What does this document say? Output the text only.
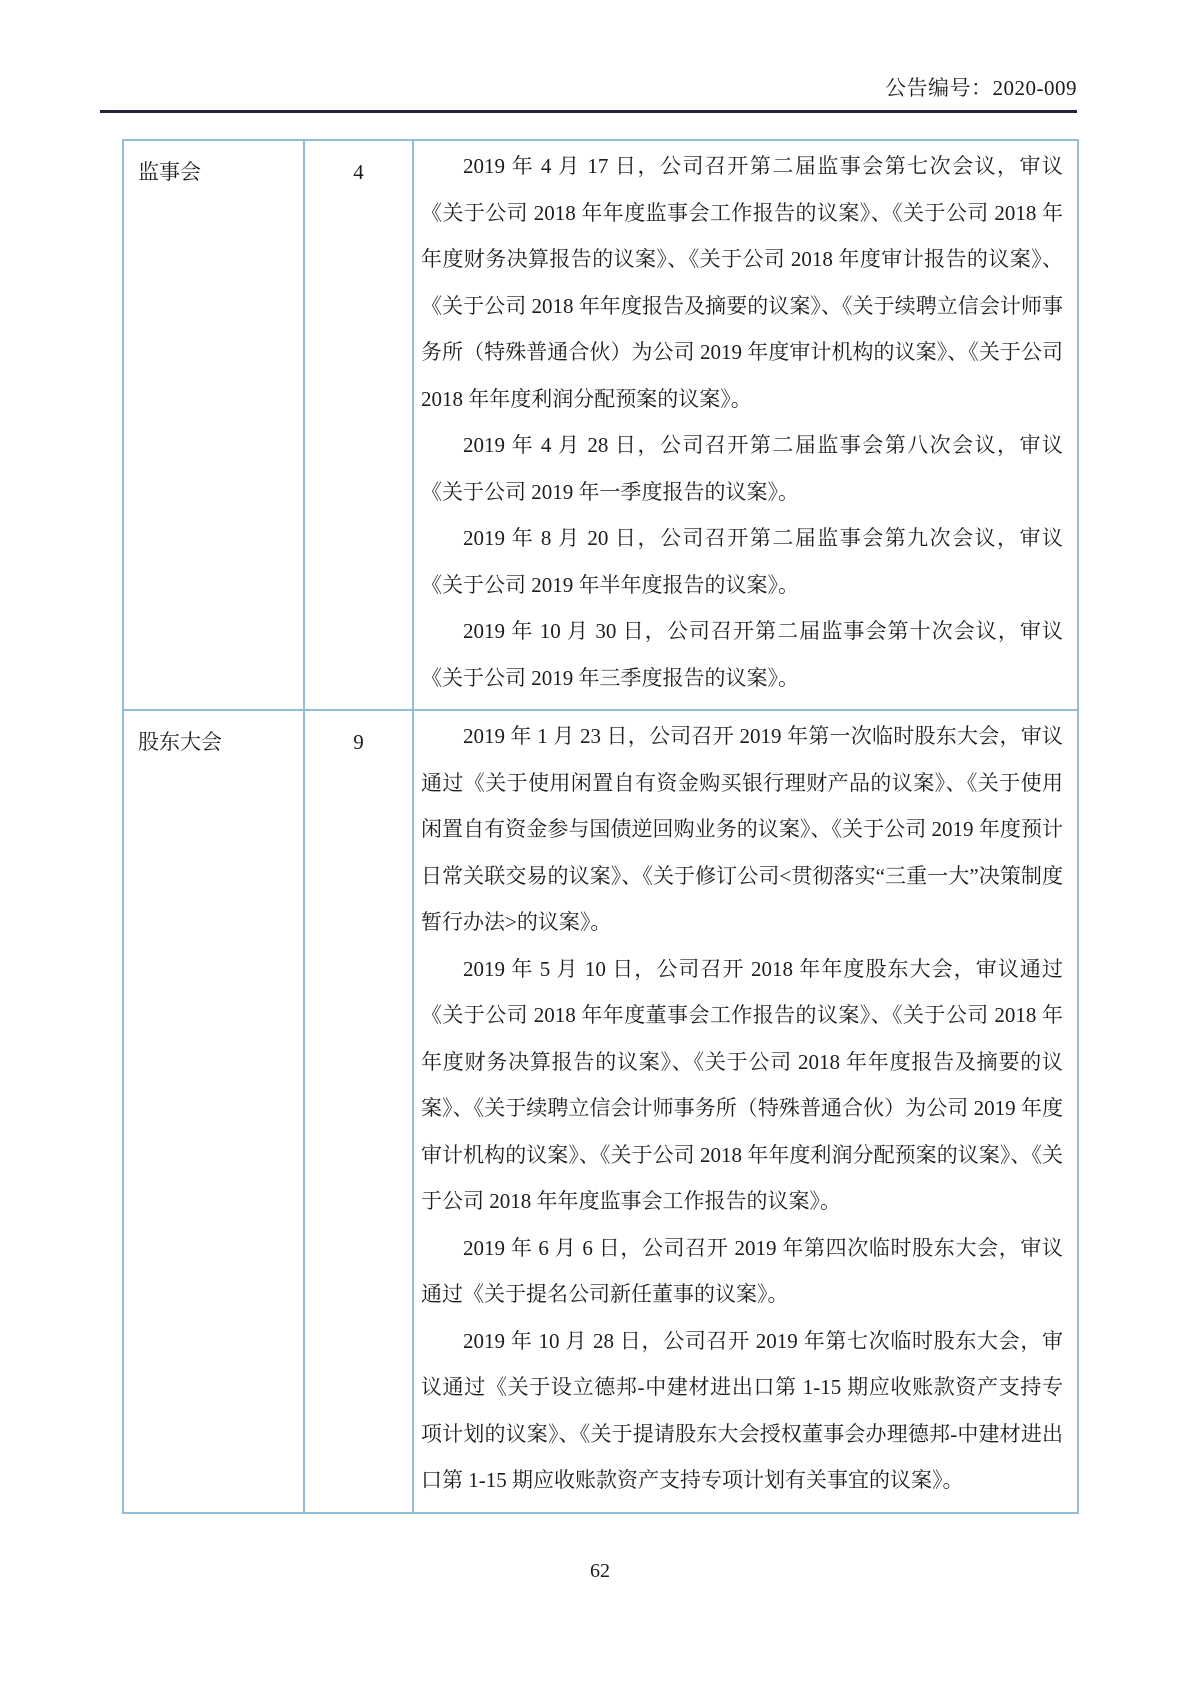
公告编号：2020-009
监事会	4	2019 年 4 月 17 日，公司召开第二届监事会第七次会议，审议《关于公司 2018 年年度监事会工作报告的议案》、《关于公司 2018 年年度财务决算报告的议案》、《关于公司 2018 年度审计报告的议案》、《关于公司 2018 年年度报告及摘要的议案》、《关于续聘立信会计师事务所（特殊普通合伙）为公司 2019 年度审计机构的议案》、《关于公司 2018 年年度利润分配预案的议案》。

2019 年 4 月 28 日，公司召开第二届监事会第八次会议，审议《关于公司 2019 年一季度报告的议案》。

2019 年 8 月 20 日，公司召开第二届监事会第九次会议，审议《关于公司 2019 年半年度报告的议案》。

2019 年 10 月 30 日，公司召开第二届监事会第十次会议，审议《关于公司 2019 年三季度报告的议案》。

股东大会	9	2019 年 1 月 23 日，公司召开 2019 年第一次临时股东大会，审议通过《关于使用闲置自有资金购买银行理财产品的议案》、《关于使用闲置自有资金参与国债逆回购业务的议案》、《关于公司 2019 年度预计日常关联交易的议案》、《关于修订公司<贯彻落实“三重一大”决策制度暂行办法>的议案》。

2019 年 5 月 10 日，公司召开 2018 年年度股东大会，审议通过《关于公司 2018 年年度董事会工作报告的议案》、《关于公司 2018 年年度财务决算报告的议案》、《关于公司 2018 年年度报告及摘要的议案》、《关于续聘立信会计师事务所（特殊普通合伙）为公司 2019 年度审计机构的议案》、《关于公司 2018 年年度利润分配预案的议案》、《关于公司 2018 年年度监事会工作报告的议案》。

2019 年 6 月 6 日，公司召开 2019 年第四次临时股东大会，审议通过《关于提名公司新任董事的议案》。

2019 年 10 月 28 日，公司召开 2019 年第七次临时股东大会，审议通过《关于设立德邦-中建材进出口第 1-15 期应收账款资产支持专项计划的议案》、《关于提请股东大会授权董事会办理德邦-中建材进出口第 1-15 期应收账款资产支持专项计划有关事宜的议案》。

62
